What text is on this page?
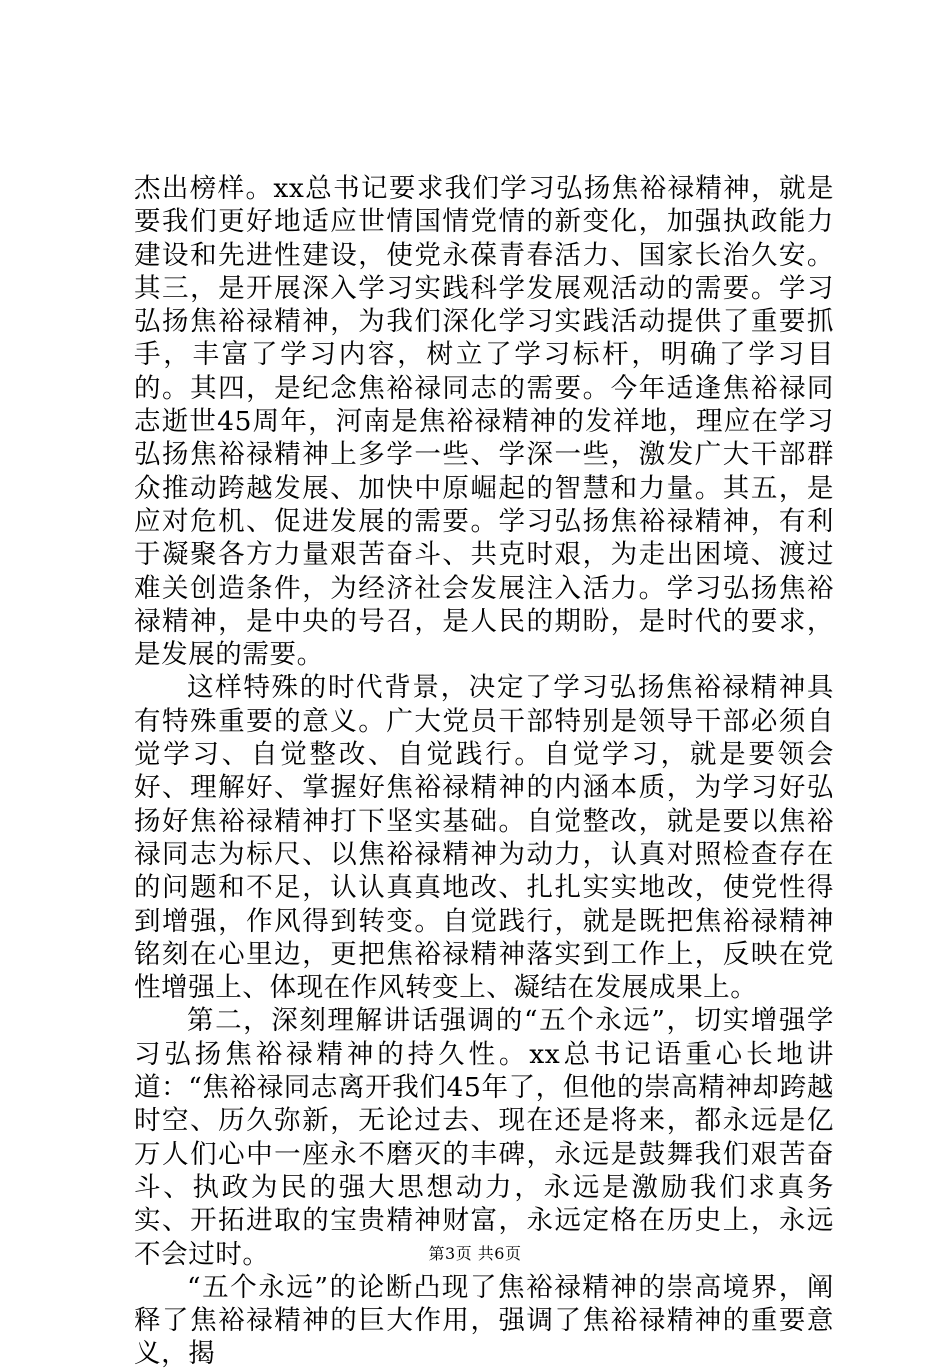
杰出榜样。xx总书记要求我们学习弘扬焦裕禄精神，就是要我们更好地适应世情国情党情的新变化，加强执政能力建设和先进性建设，使党永葆青春活力、国家长治久安。其三，是开展深入学习实践科学发展观活动的需要。学习弘扬焦裕禄精神，为我们深化学习实践活动提供了重要抓手，丰富了学习内容，树立了学习标杆，明确了学习目的。其四，是纪念焦裕禄同志的需要。今年适逢焦裕禄同志逝世45周年，河南是焦裕禄精神的发祥地，理应在学习弘扬焦裕禄精神上多学一些、学深一些，激发广大干部群众推动跨越发展、加快中原崛起的智慧和力量。其五，是应对危机、促进发展的需要。学习弘扬焦裕禄精神，有利于凝聚各方力量艰苦奋斗、共克时艰，为走出困境、渡过难关创造条件，为经济社会发展注入活力。学习弘扬焦裕禄精神，是中央的号召，是人民的期盼，是时代的要求，是发展的需要。

这样特殊的时代背景，决定了学习弘扬焦裕禄精神具有特殊重要的意义。广大党员干部特别是领导干部必须自觉学习、自觉整改、自觉践行。自觉学习，就是要领会好、理解好、掌握好焦裕禄精神的内涵本质，为学习好弘扬好焦裕禄精神打下坚实基础。自觉整改，就是要以焦裕禄同志为标尺、以焦裕禄精神为动力，认真对照检查存在的问题和不足，认认真真地改、扎扎实实地改，使党性得到增强，作风得到转变。自觉践行，就是既把焦裕禄精神铭刻在心里边，更把焦裕禄精神落实到工作上，反映在党性增强上、体现在作风转变上、凝结在发展成果上。

第二，深刻理解讲话强调的“五个永远”，切实增强学习弘扬焦裕禄精神的持久性。xx总书记语重心长地讲道：“焦裕禄同志离开我们45年了，但他的崇高精神却跨越时空、历久弥新，无论过去、现在还是将来，都永远是亿万人们心中一座永不磨灭的丰碑，永远是鼓舞我们艰苦奋斗、执政为民的强大思想动力，永远是激励我们求真务实、开拓进取的宝贵精神财富，永远定格在历史上，永远不会过时。

“五个永远”的论断凸现了焦裕禄精神的崇高境界，阐释了焦裕禄精神的巨大作用，强调了焦裕禄精神的重要意义，揭

第3页 共6页
